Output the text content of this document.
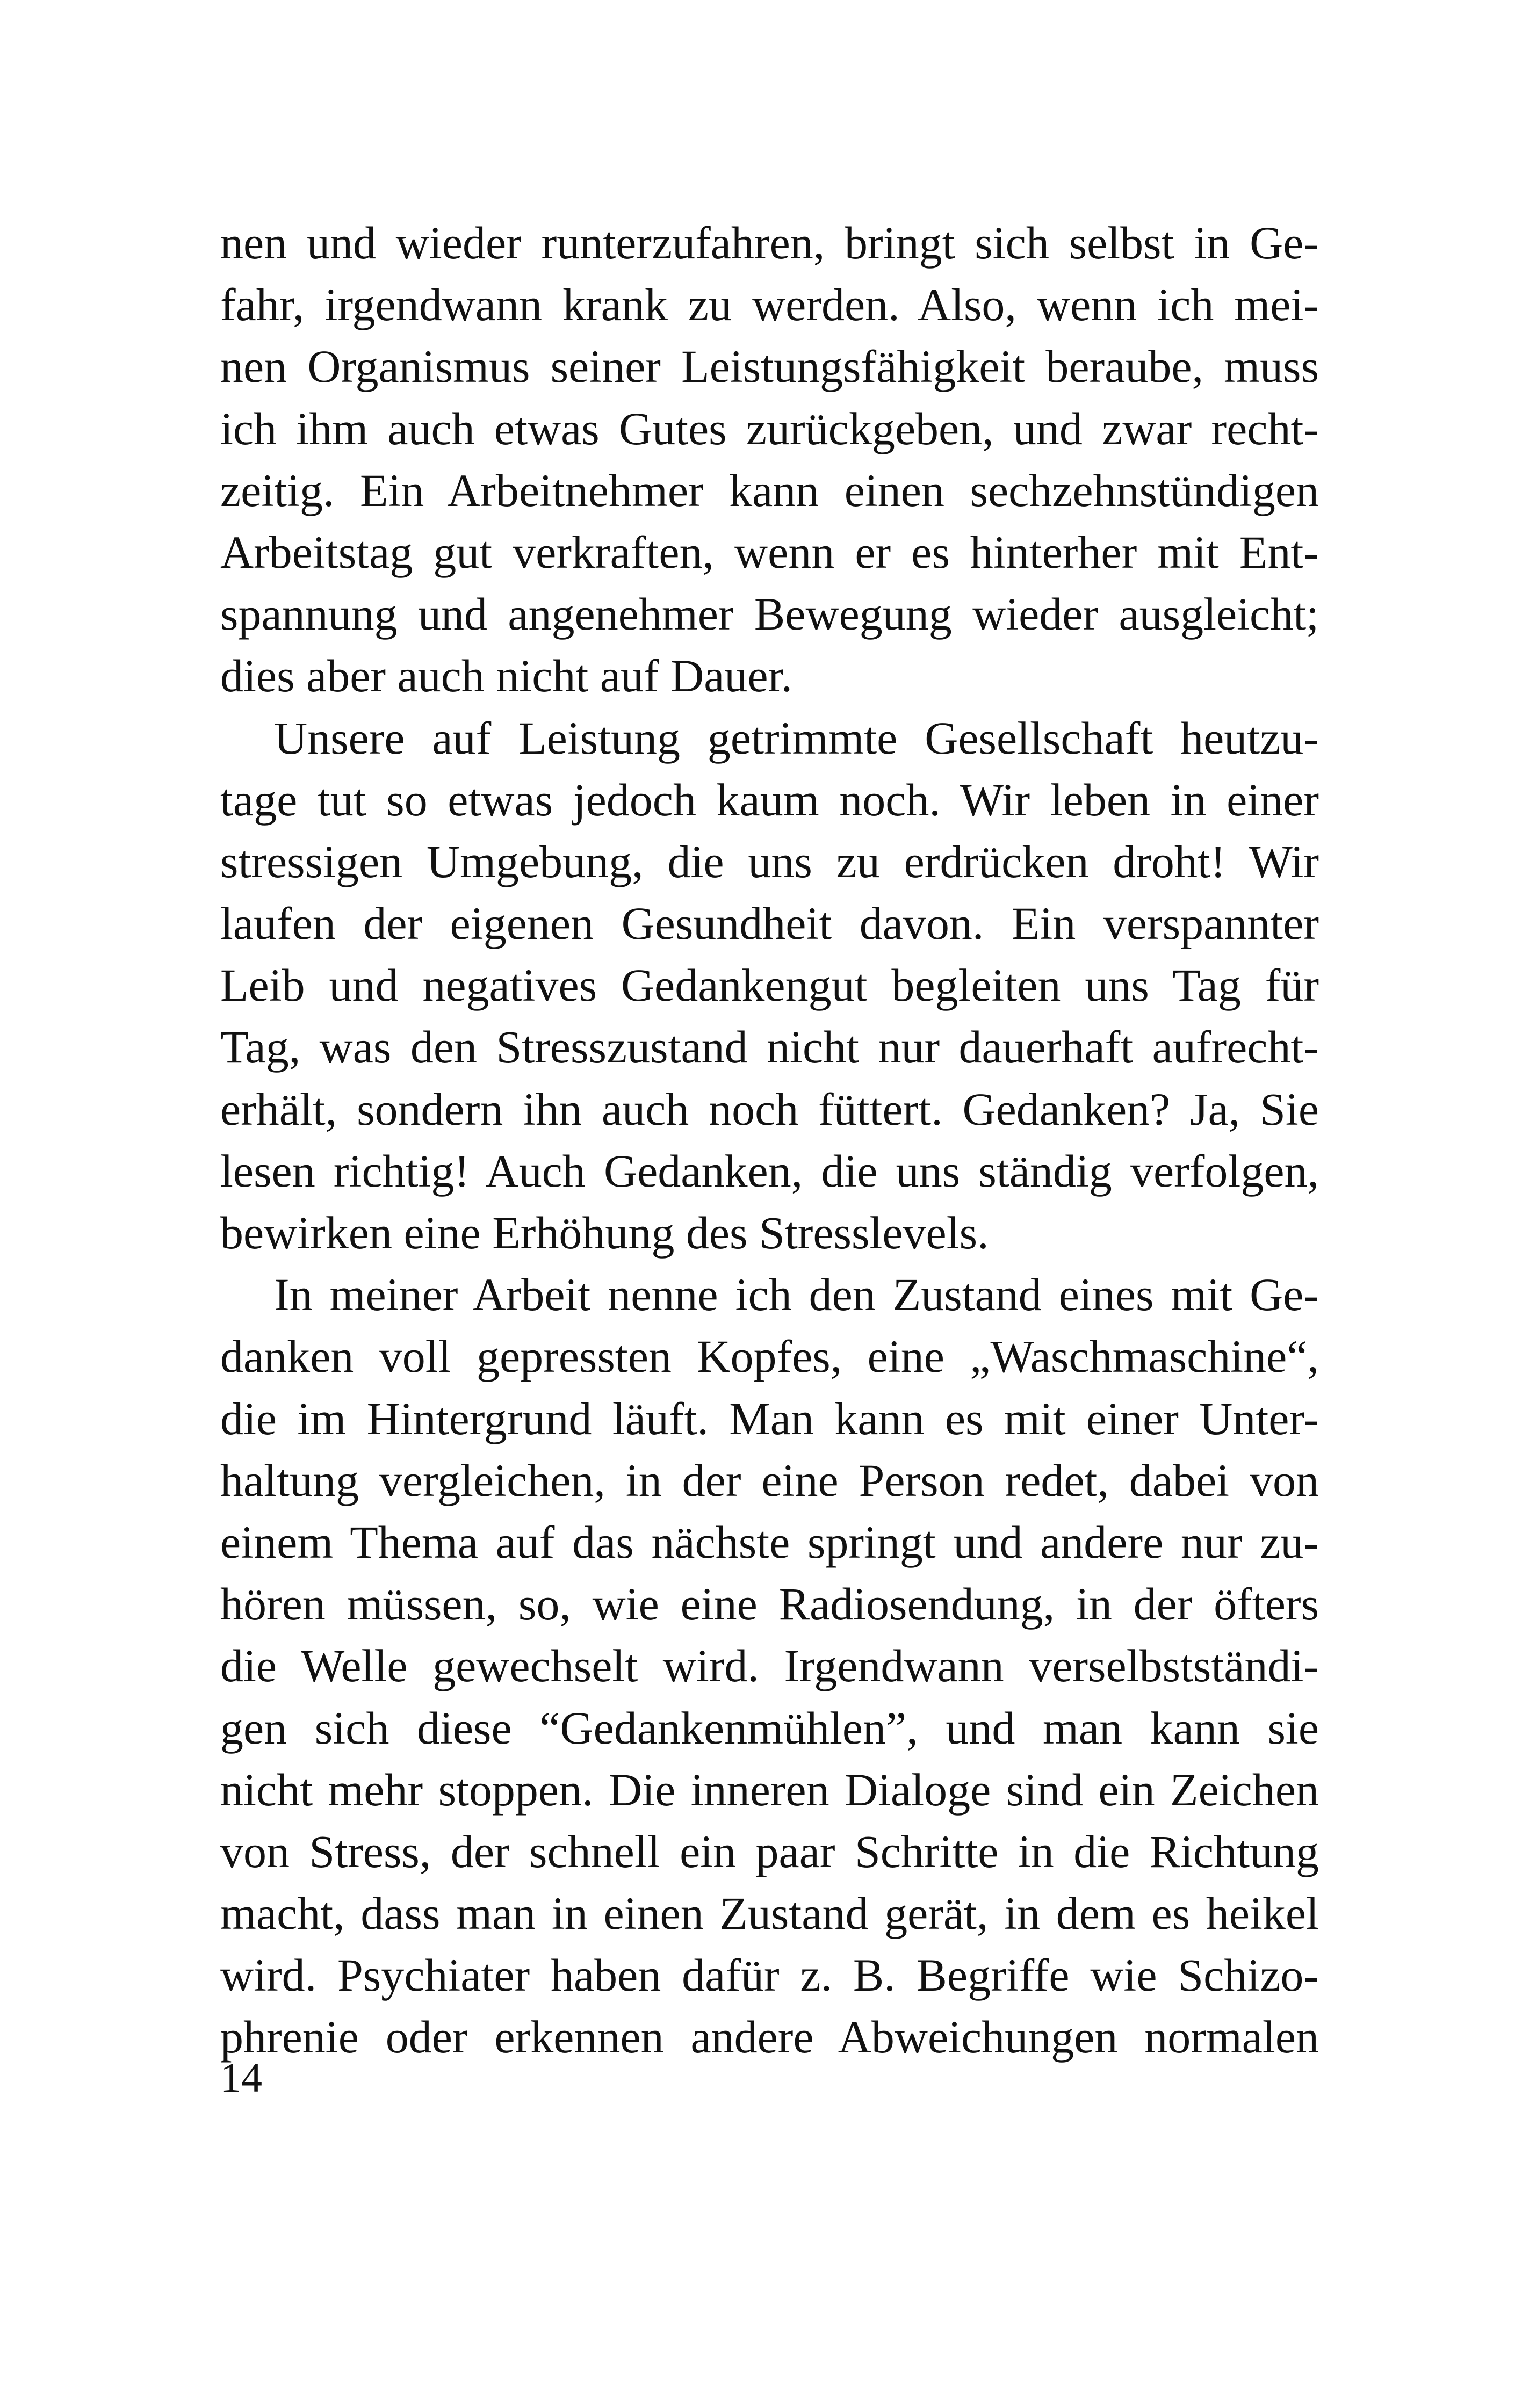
nen und wieder runterzufahren, bringt sich selbst in Ge-
fahr, irgendwann krank zu werden. Also, wenn ich mei-
nen Organismus seiner Leistungsfähigkeit beraube, muss
ich ihm auch etwas Gutes zurückgeben, und zwar recht-
zeitig. Ein Arbeitnehmer kann einen sechzehnstündigen
Arbeitstag gut verkraften, wenn er es hinterher mit Ent-
spannung und angenehmer Bewegung wieder ausgleicht;
dies aber auch nicht auf Dauer.
Unsere auf Leistung getrimmte Gesellschaft heutzu-
tage tut so etwas jedoch kaum noch. Wir leben in einer
stressigen Umgebung, die uns zu erdrücken droht! Wir
laufen der eigenen Gesundheit davon. Ein verspannter
Leib und negatives Gedankengut begleiten uns Tag für
Tag, was den Stresszustand nicht nur dauerhaft aufrecht-
erhält, sondern ihn auch noch füttert. Gedanken? Ja, Sie
lesen richtig! Auch Gedanken, die uns ständig verfolgen,
bewirken eine Erhöhung des Stresslevels.
In meiner Arbeit nenne ich den Zustand eines mit Ge-
danken voll gepressten Kopfes, eine „Waschmaschine“,
die im Hintergrund läuft. Man kann es mit einer Unter-
haltung vergleichen, in der eine Person redet, dabei von
einem Thema auf das nächste springt und andere nur zu-
hören müssen, so, wie eine Radiosendung, in der öfters
die Welle gewechselt wird. Irgendwann verselbstständi-
gen sich diese “Gedankenmühlen”, und man kann sie
nicht mehr stoppen. Die inneren Dialoge sind ein Zeichen
von Stress, der schnell ein paar Schritte in die Richtung
macht, dass man in einen Zustand gerät, in dem es heikel
wird. Psychiater haben dafür z. B. Begriffe wie Schizo-
phrenie oder erkennen andere Abweichungen normalen
14
